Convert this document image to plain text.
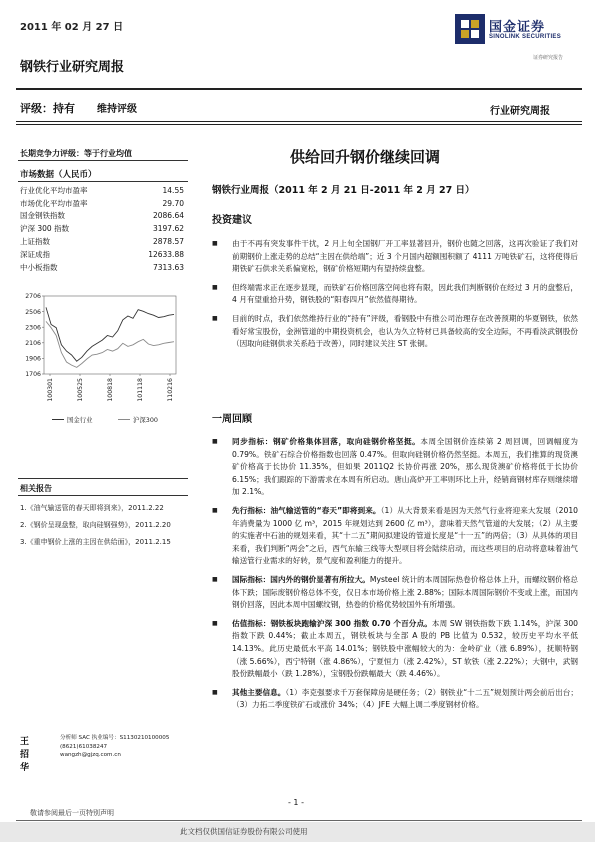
2011 年 02 月 27 日	国金证券
SINOLINK SECURITIES
证券研究报告
钢铁行业研究周报
评级：持有 维持评级	行业研究周报
长期竞争力评级：等于行业均值
市场数据（人民币）
行业优化平均市盈率	14.55
市场优化平均市盈率	29.70
国金钢铁指数	2086.64
沪深 300 指数	3197.62
上证指数	2878.57
深证成指	12633.88
中小板指数	7313.63
1706
1906
2106
2306
2506
2706
100301	100525	100818	101118	110216
国金行业	沪深300
相关报告
1.《油气输送管的春天即将到来》，2011.2.22
2.《钢价呈现盘整，取向硅钢强势》，2011.2.20
3.《重申钢价上涨的主因在供给面》，2011.2.15
王招华
分析师 SAC 执业编号：S1130210100005
(8621)61038247
wangzh@gjzq.com.cn
供给回升钢价继续回调
钢铁行业周报（2011 年 2 月 21 日-2011 年 2 月 27 日）
投资建议
■ 由于不再有突发事件干扰，2 月上旬全国钢厂开工率显著回升，钢价也随之回落，这再次验证了我们对前期钢价上涨走势的总结“主因在供给端”；近 3 个月国内超额囤积额了 4111 万吨铁矿石，这将使得后期铁矿石供求关系偏宽松，钢矿价格短期内有望持续盘整。
■ 但终端需求正在逐步显现，而铁矿石价格回落空间也将有限，因此我们判断钢价在经过 3 月的盘整后，4 月有望重拾升势，钢铁股的“阳春四月”依然值得期待。
■ 目前的时点，我们依然维持行业的“持有”评级，看钢股中有推公司治理存在改善预期的华夏钢铁，依然看好常宝股份，金洲管道的中期投资机会，也认为久立特材已具备较高的安全边际，不再看淡武钢股份（因取向硅钢供求关系趋于改善），同时建议关注 ST 张铜。
一周回顾
■ 同步指标：钢矿价格集体回落，取向硅钢价格坚挺。本周全国钢价连续第 2 周回调，回调幅度为 0.79%。铁矿石综合价格指数也回落 0.47%。但取向硅钢价格仍然坚挺。本周五，我们推算的现货澳矿价格高于长协价 11.35%，但如果 2011Q2 长协价再涨 20%，那么现货澳矿价格将低于长协价 6.15%；我们跟踪的下游需求在本周有所启动。唐山高炉开工率则环比上升，经销商钢材库存则继续增加 2.1%。
■ 先行指标：油气输送管的“春天”即将到来。（1）从大背景来看是因为天然气行业将迎来大发展（2010 年消费量为 1000 亿 m³，2015 年规划达到 2600 亿 m³），意味着天然气管道的大发展；（2）从主要的实施者中石油的规划来看，其“十二五”期间拟建设的管道长度是“十一五”的两倍；（3）从具体的项目来看，我们判断“两会”之后，西气东输三线等大型项目将会陆续启动，而这些项目的启动将意味着油气输送管行业需求的好转，景气度和盈利能力的提升。
■ 国际指标：国内外的钢价显著有所拉大。Mysteel 统计的本周国际热卷价格总体上升，而螺纹钢价格总体下跌；国际废钢价格总体不变，仅日本市场价格上涨 2.88%；国际本周国际钢价不变或上涨，而国内钢价回落，因此本周中国螺纹钢，热卷的价格优势较国外有所增强。
■ 估值指标：钢铁板块跑输沪深 300 指数 0.70 个百分点。本周 SW 钢铁指数下跌 1.14%，沪深 300 指数下跌 0.44%；截止本周五，钢铁板块与全部 A 股的 PB 比值为 0.532，较历史平均水平低 14.13%。此历史最低水平高 14.01%；钢铁股中涨幅较大的为：金岭矿业（涨 6.89%），抚顺特钢（涨 5.66%），西宁特钢（涨 4.86%），宁夏恒力（涨 2.42%），ST 软铁（涨 2.22%）；大钢中，武钢股份跌幅最小（跌 1.28%），宝钢股份跌幅最大（跌 4.46%）。
■ 其他主要信息。（1）李克强要求千万套保障房是硬任务；（2）钢铁业“十二五”规划预计两会前后出台；（3）力拓二季度铁矿石或涨价 34%；（4）JFE 大幅上调二季度钢材价格。
- 1 -
敬请参阅最后一页特别声明
此文档仅供国信证券股份有限公司使用
